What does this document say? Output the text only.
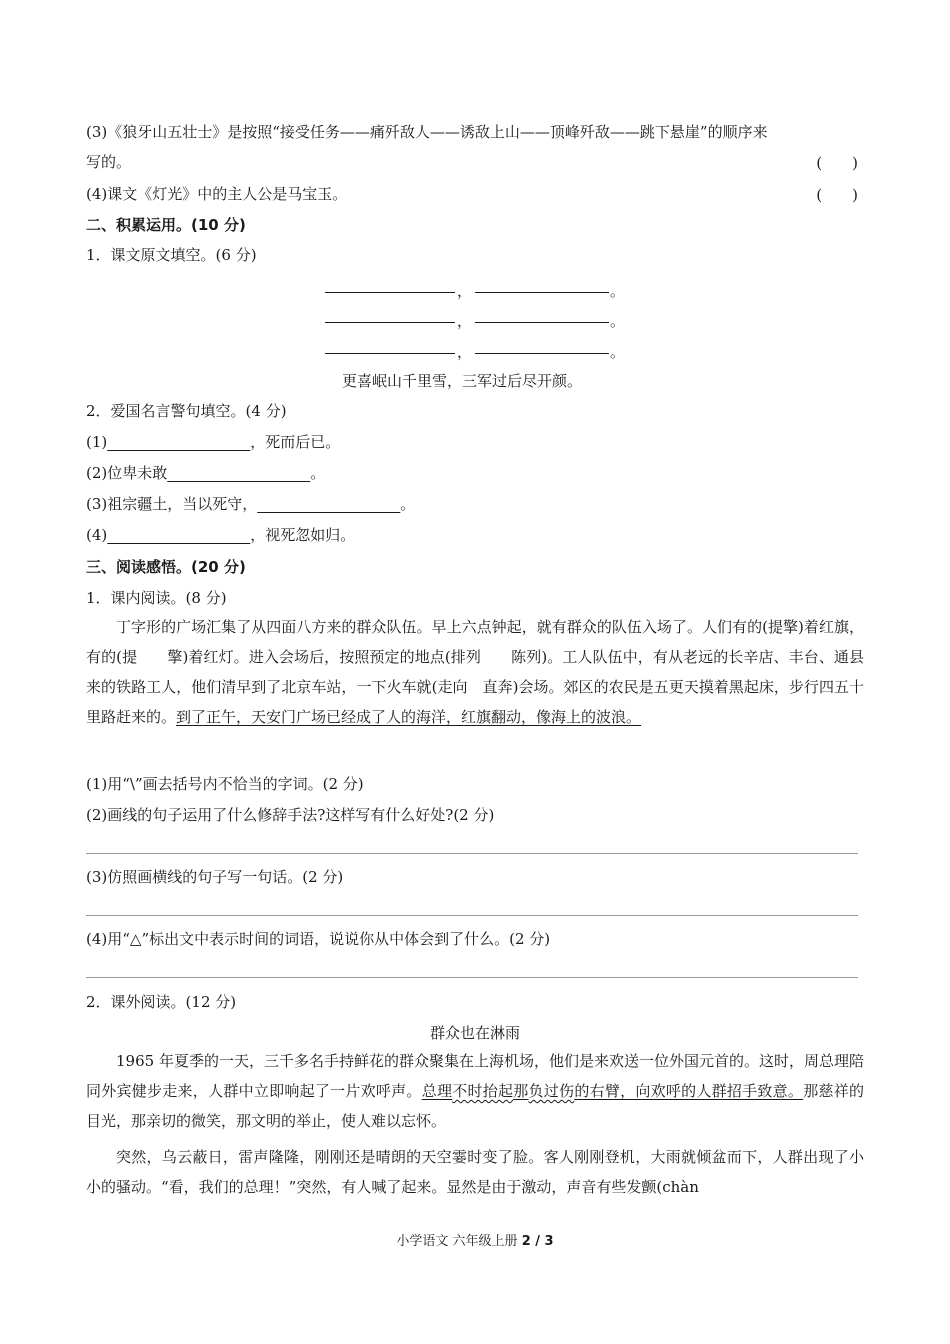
(3)《狼牙山五壮士》是按照“接受任务——痛歼敌人——诱敌上山——顶峰歼敌——跳下悬崖”的顺序来
写的。	(　　)
(4)课文《灯光》中的主人公是马宝玉。	(　　)
二、积累运用。(10 分)
1．课文原文填空。(6 分)
，	。
，	。
，	。
更喜岷山千里雪，三军过后尽开颜。
2．爱国名言警句填空。(4 分)
(1)	，死而后已。
(2)位卑未敢	。
(3)祖宗疆土，当以死守，	。
(4)	，视死忽如归。
三、阅读感悟。(20 分)
1．课内阅读。(8 分)
丁字形的广场汇集了从四面八方来的群众队伍。早上六点钟起，就有群众的队伍入场了。人们有的(提擎)着红旗，有的(提　　擎)着红灯。进入会场后，按照预定的地点(排列　　陈列)。工人队伍中，有从老远的长辛店、丰台、通县来的铁路工人，他们清早到了北京车站，一下火车就(走向　直奔)会场。郊区的农民是五更天摸着黑起床，步行四五十里路赶来的。到了正午，天安门广场已经成了人的海洋，红旗翻动，像海上的波浪。
(1)用“\”画去括号内不恰当的字词。(2 分)
(2)画线的句子运用了什么修辞手法?这样写有什么好处?(2 分)
(3)仿照画横线的句子写一句话。(2 分)
(4)用“△”标出文中表示时间的词语，说说你从中体会到了什么。(2 分)
2．课外阅读。(12 分)
群众也在淋雨
1965 年夏季的一天，三千多名手持鲜花的群众聚集在上海机场，他们是来欢送一位外国元首的。这时，周总理陪同外宾健步走来，人群中立即响起了一片欢呼声。总理不时抬起那负过伤的右臂，向欢呼的人群招手致意。那慈祥的目光，那亲切的微笑，那文明的举止，使人难以忘怀。
突然，乌云蔽日，雷声隆隆，刚刚还是晴朗的天空霎时变了脸。客人刚刚登机，大雨就倾盆而下，人群出现了小小的骚动。“看，我们的总理！”突然，有人喊了起来。显然是由于激动，声音有些发颤(chàn
小学语文 六年级上册 2 / 3
